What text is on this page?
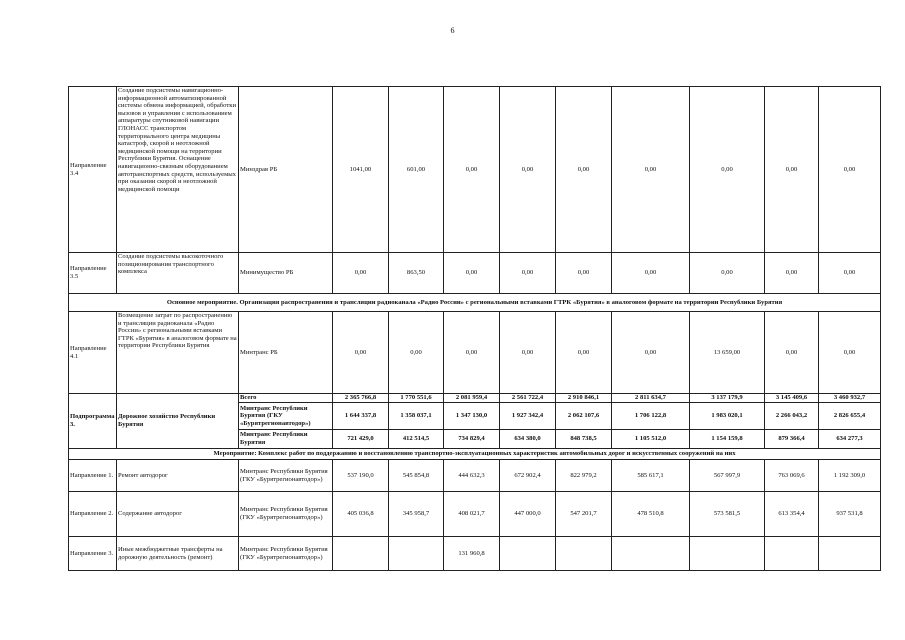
6
Направление 3.4	Создание подсистемы навигационно-информационной автоматизированной системы обмена информацией, обработки вызовов и управления с использованием аппаратуры спутниковой навигации ГЛОНАСС транспортом территориального центра медицины катастроф, скорой и неотложной медицинской помощи на территории Республики Бурятия. Оснащение навигационно-связным оборудованием автотранспортных средств, используемых при оказании скорой и неотложной медицинской помощи	Минздрав РБ	1041,00	601,00	0,00	0,00	0,00	0,00	0,00	0,00	0,00
Направление 3.5	Создание подсистемы высокоточного позиционирования транспортного комплекса	Минимущество РБ	0,00	863,50	0,00	0,00	0,00	0,00	0,00	0,00	0,00
Основное мероприятие. Организация распространения и трансляции радиоканала «Радио России» с региональными вставками ГТРК «Бурятия» в аналоговом формате на территории Республики Бурятия											
Направление 4.1	Возмещение затрат по распространению и трансляции радиоканала «Радио России» с региональными вставками ГТРК «Бурятия» в аналоговом формате на территории Республики Бурятия	Минтранс РБ	0,00	0,00	0,00	0,00	0,00	0,00	13 659,00	0,00	0,00
Подпрограмма 3.	Дорожное хозяйство Республики Бурятия	Всего	2 365 766,8	1 770 551,6	2 081 959,4	2 561 722,4	2 910 846,1	2 811 634,7	3 137 179,9	3 145 409,6	3 460 932,7
		Минтранс Республики Бурятия (ГКУ «Бурятрегионавтодор»)	1 644 337,8	1 358 037,1	1 347 130,0	1 927 342,4	2 062 107,6	1 706 122,8	1 983 020,1	2 266 043,2	2 826 655,4
		Минтранс Республики Бурятия	721 429,0	412 514,5	734 829,4	634 380,0	848 738,5	1 105 512,0	1 154 159,8	879 366,4	634 277,3
Мероприятие: Комплекс работ по поддержанию и восстановлению транспортно-эксплуатационных характеристик автомобильных дорог и искусственных сооружений на них											
Направление 1.	Ремонт автодорог	Минтранс Республики Бурятия (ГКУ «Бурятрегионавтодор»)	537 190,0	545 854,8	444 632,3	672 902,4	822 979,2	585 617,1	567 997,9	763 069,6	1 192 309,0
Направление 2.	Содержание автодорог	Минтранс Республики Бурятия (ГКУ «Бурятрегионавтодор»)	405 036,8	345 958,7	408 021,7	447 000,0	547 201,7	478 510,8	573 581,5	613 354,4	937 531,8
Направление 3.	Иные межбюджетные трансферты на дорожную деятельность (ремонт)	Минтранс Республики Бурятия (ГКУ «Бурятрегионавтодор»)			131 960,8						
